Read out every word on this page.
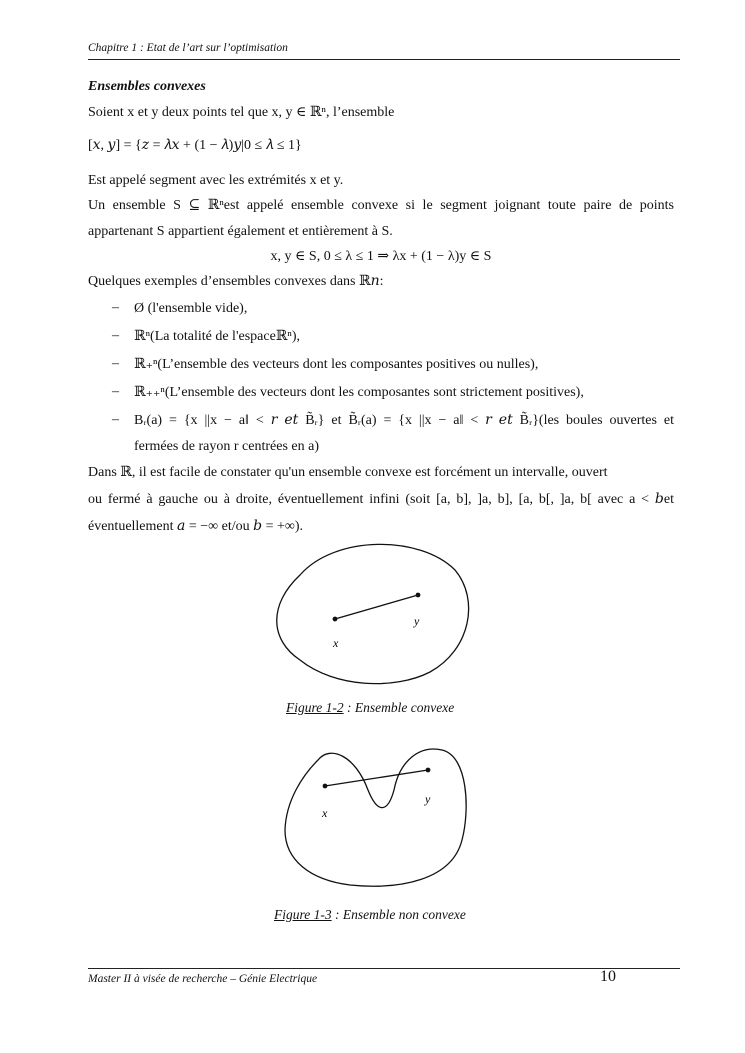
Chapitre 1 : Etat de l’art sur l’optimisation
Ensembles convexes
Soient x et y deux points tel que x, y ∈ ℝⁿ, l’ensemble
[𝑥, 𝑦] = {𝑧 = 𝜆𝑥 + (1 − 𝜆)𝑦|0 ≤ 𝜆 ≤ 1}
Est appelé segment avec les extrémités x et y.
Un ensemble S ⊆ ℝⁿest appelé ensemble convexe si le segment joignant toute paire de points
appartenant S appartient également et entièrement à S.
x, y ∈ S, 0 ≤ λ ≤ 1 ⇒ λx + (1 − λ)y ∈ S
Quelques exemples d’ensembles convexes dans ℝ𝑛:
– Ø (l'ensemble vide),
– ℝⁿ(La totalité de l'espaceℝⁿ),
– ℝ₊ⁿ(L’ensemble des vecteurs dont les composantes positives ou nulles),
– ℝ₊₊ⁿ(L’ensemble des vecteurs dont les composantes sont strictement positives),
– Bᵣ(a) = {x ||x − a‖ < 𝑟 𝑒𝑡 B̃ᵣ} et B̃ᵣ(a) = {x ||x − a‖ < 𝑟 𝑒𝑡 B̃ᵣ}(les boules ouvertes et
fermées de rayon r centrées en a)
Dans ℝ, il est facile de constater qu'un ensemble convexe est forcément un intervalle, ouvert
ou fermé à gauche ou à droite, éventuellement infini (soit [a, b], ]a, b], [a, b[, ]a, b[ avec a < 𝑏et
éventuellement 𝑎 = −∞ et/ou 𝑏 = +∞).
x
y
x
y
Figure 1-2 : Ensemble convexe
Figure 1-3 : Ensemble non convexe
Master II à visée de recherche – Génie Electrique	10
